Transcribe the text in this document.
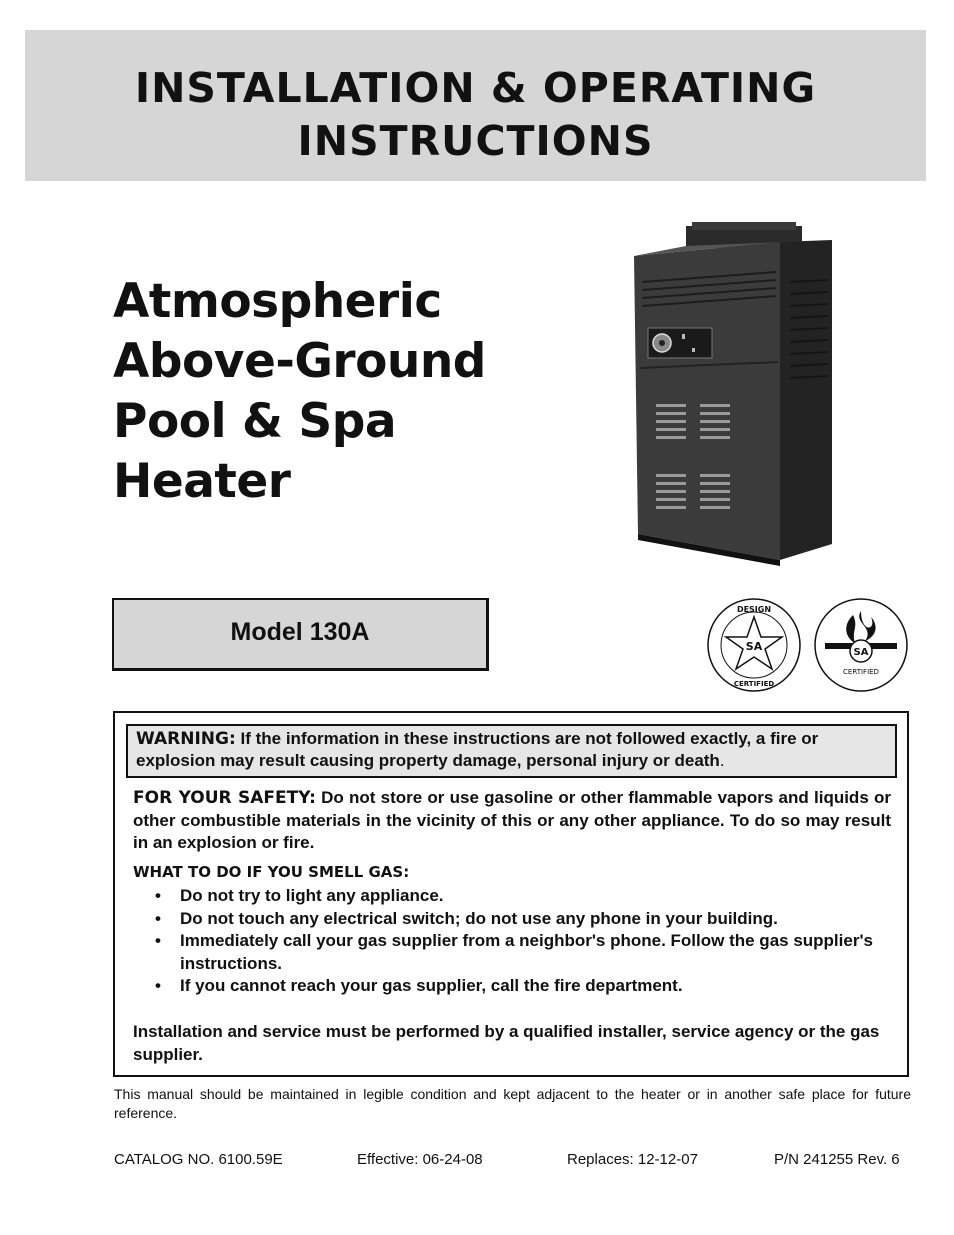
INSTALLATION & OPERATING
INSTRUCTIONS
Atmospheric
Above-Ground
Pool & Spa
Heater
Model 130A
DESIGN
CERTIFIED
SA	SA
CERTIFIED
WARNING: If the information in these instructions are not followed exactly, a fire or explosion may result causing property damage, personal injury or death.

FOR YOUR SAFETY: Do not store or use gasoline or other flammable vapors and liquids or other combustible materials in the vicinity of this or any other appliance. To do so may result in an explosion or fire.

WHAT TO DO IF YOU SMELL GAS:

• Do not try to light any appliance.
• Do not touch any electrical switch; do not use any phone in your building.
• Immediately call your gas supplier from a neighbor's phone. Follow the gas supplier's instructions.
• If you cannot reach your gas supplier, call the fire department.

Installation and service must be performed by a qualified installer, service agency or the gas supplier.

This manual should be maintained in legible condition and kept adjacent to the heater or in another safe place for future reference.

CATALOG NO. 6100.59E	Effective: 06-24-08	Replaces: 12-12-07	P/N 241255 Rev. 6
